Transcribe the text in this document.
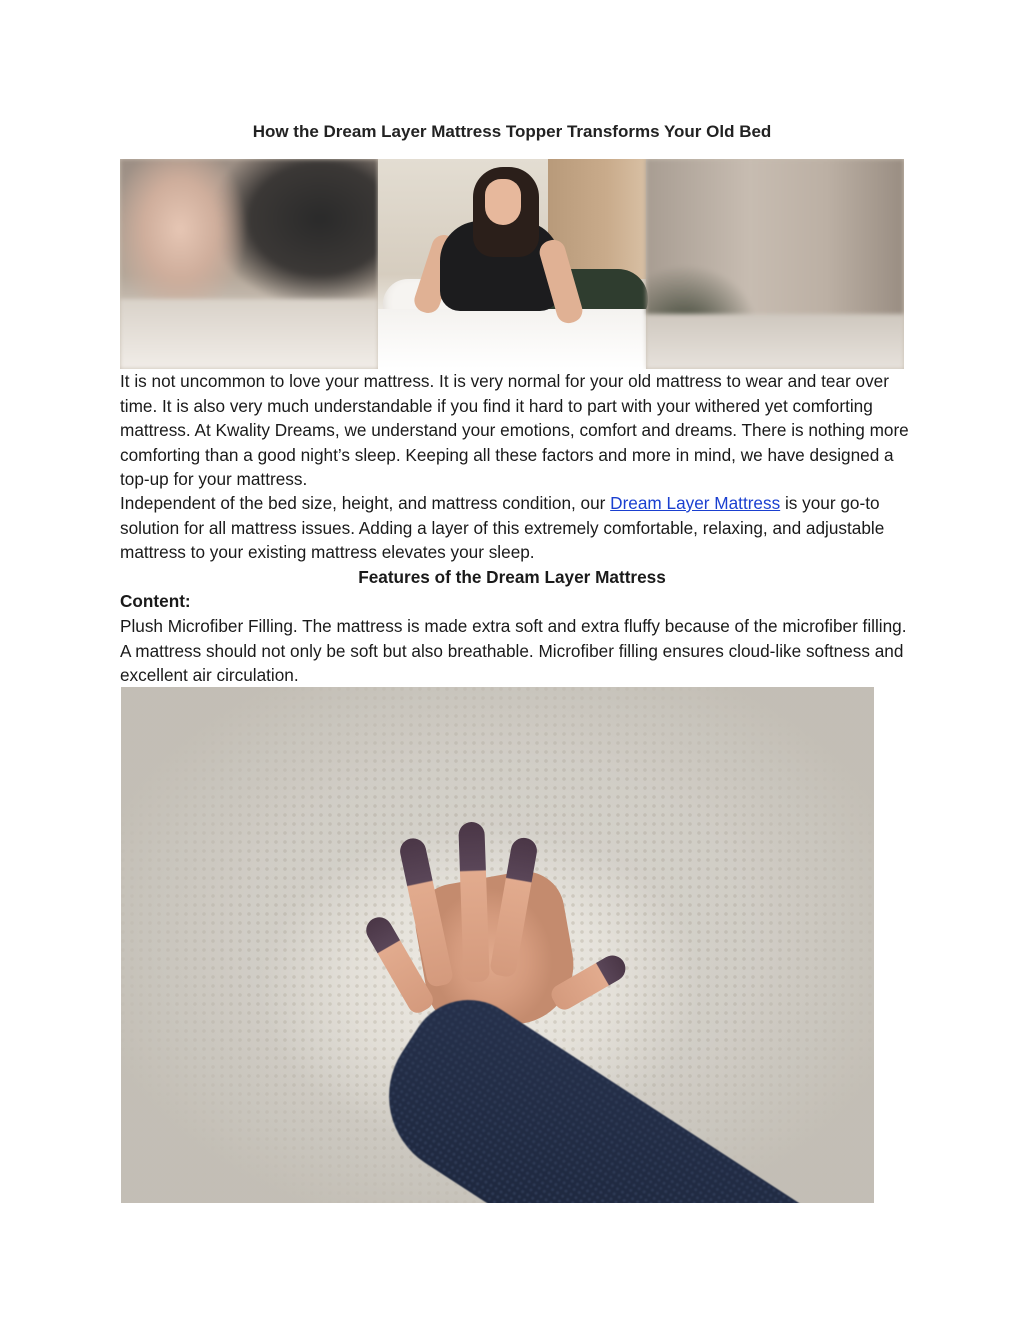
How the Dream Layer Mattress Topper Transforms Your Old Bed

It is not uncommon to love your mattress. It is very normal for your old mattress to wear and tear over time. It is also very much understandable if you find it hard to part with your withered yet comforting mattress. At Kwality Dreams, we understand your emotions, comfort and dreams. There is nothing more comforting than a good night’s sleep. Keeping all these factors and more in mind, we have designed a top-up for your mattress.

Independent of the bed size, height, and mattress condition, our Dream Layer Mattress is your go-to solution for all mattress issues. Adding a layer of this extremely comfortable, relaxing, and adjustable mattress to your existing mattress elevates your sleep.

Features of the Dream Layer Mattress
Content:

Plush Microfiber Filling. The mattress is made extra soft and extra fluffy because of the microfiber filling. A mattress should not only be soft but also breathable. Microfiber filling ensures cloud-like softness and excellent air circulation.
